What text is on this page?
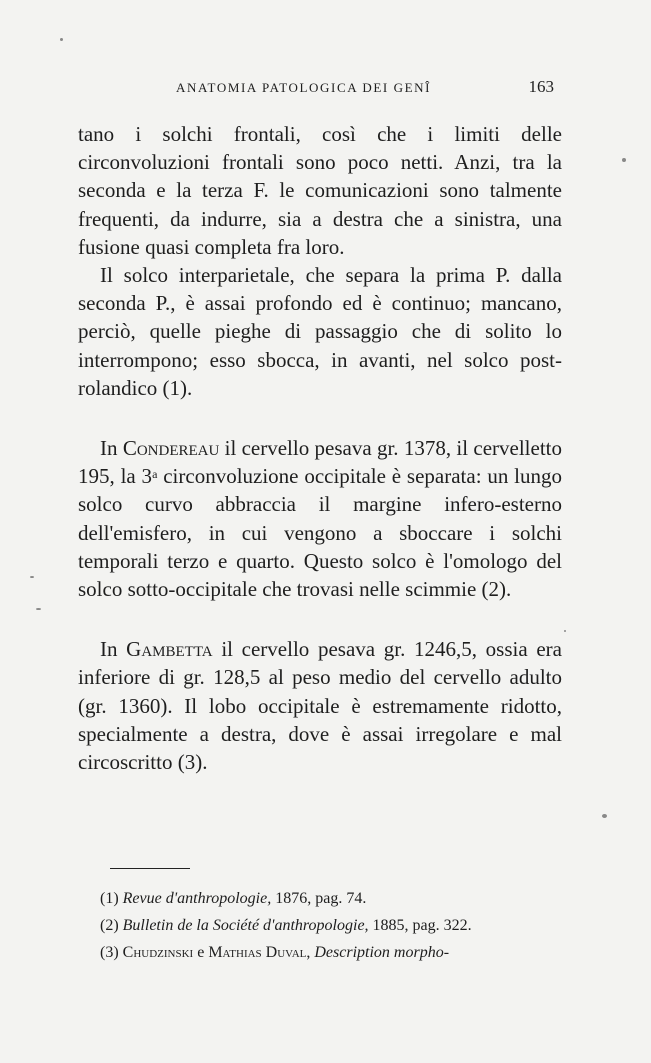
ANATOMIA PATOLOGICA DEI GENÎ	163

tano i solchi frontali, così che i limiti delle circonvoluzioni frontali sono poco netti. Anzi, tra la seconda e la terza F. le comunicazioni sono talmente frequenti, da indurre, sia a destra che a sinistra, una fusione quasi completa fra loro.

Il solco interparietale, che separa la prima P. dalla seconda P., è assai profondo ed è continuo; mancano, perciò, quelle pieghe di passaggio che di solito lo interrompono; esso sbocca, in avanti, nel solco post-rolandico (1).

In Condereau il cervello pesava gr. 1378, il cervelletto 195, la 3$^a$ circonvoluzione occipitale è separata: un lungo solco curvo abbraccia il margine infero-esterno dell'emisfero, in cui vengono a sboccare i solchi temporali terzo e quarto. Questo solco è l'omologo del solco sotto-occipitale che trovasi nelle scimmie (2).

In Gambetta il cervello pesava gr. 1246,5, ossia era inferiore di gr. 128,5 al peso medio del cervello adulto (gr. 1360). Il lobo occipitale è estremamente ridotto, specialmente a destra, dove è assai irregolare e mal circoscritto (3).

(1) Revue d'anthropologie, 1876, pag. 74.

(2) Bulletin de la Société d'anthropologie, 1885, pag. 322.

(3) Chudzinski e Mathias Duval, Description morpho-
